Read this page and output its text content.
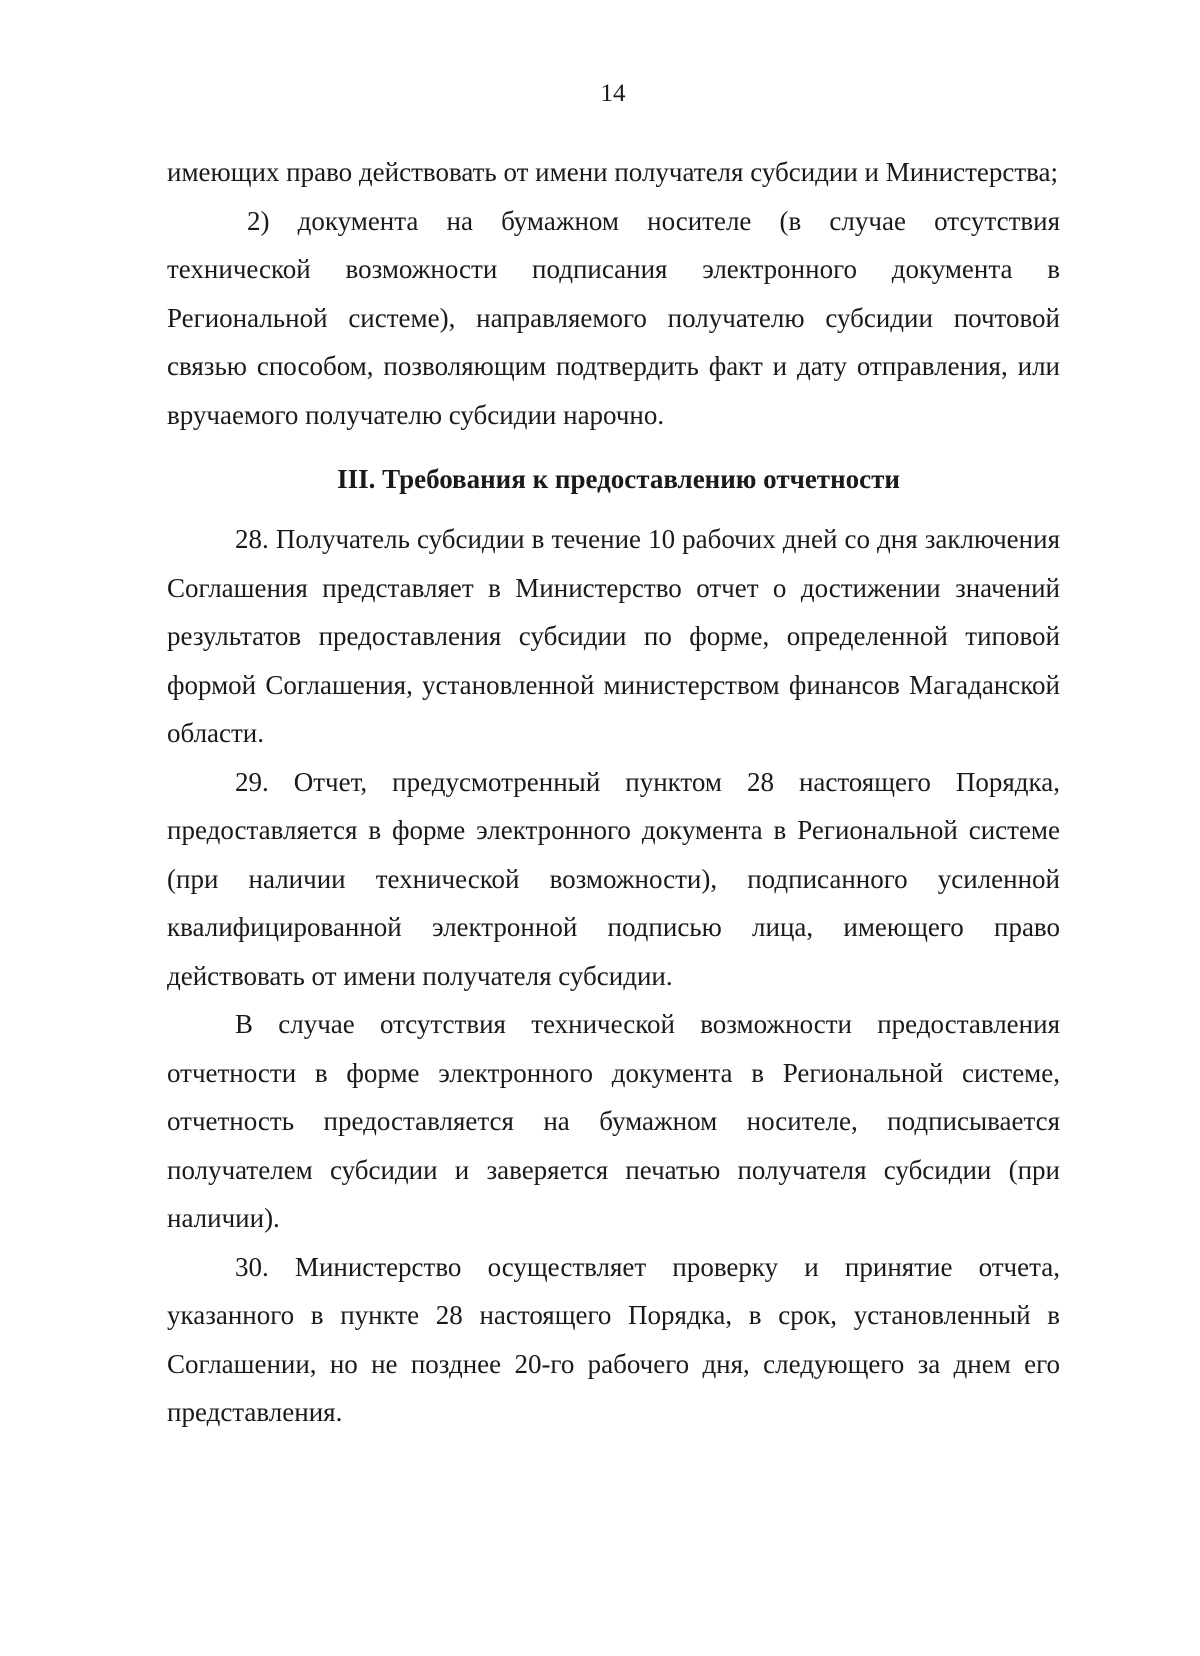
14

имеющих право действовать от имени получателя субсидии и Министерства;

2) документа на бумажном носителе (в случае отсутствия технической возможности подписания электронного документа в Региональной системе), направляемого получателю субсидии почтовой связью способом, позволяющим подтвердить факт и дату отправления, или вручаемого получателю субсидии нарочно.

III. Требования к предоставлению отчетности

28. Получатель субсидии в течение 10 рабочих дней со дня заключения Соглашения представляет в Министерство отчет о достижении значений результатов предоставления субсидии по форме, определенной типовой формой Соглашения, установленной министерством финансов Магаданской области.

29. Отчет, предусмотренный пунктом 28 настоящего Порядка, предоставляется в форме электронного документа в Региональной системе (при наличии технической возможности), подписанного усиленной квалифицированной электронной подписью лица, имеющего право действовать от имени получателя субсидии.

В случае отсутствия технической возможности предоставления отчетности в форме электронного документа в Региональной системе, отчетность предоставляется на бумажном носителе, подписывается получателем субсидии и заверяется печатью получателя субсидии (при наличии).

30. Министерство осуществляет проверку и принятие отчета, указанного в пункте 28 настоящего Порядка, в срок, установленный в Соглашении, но не позднее 20-го рабочего дня, следующего за днем его представления.
